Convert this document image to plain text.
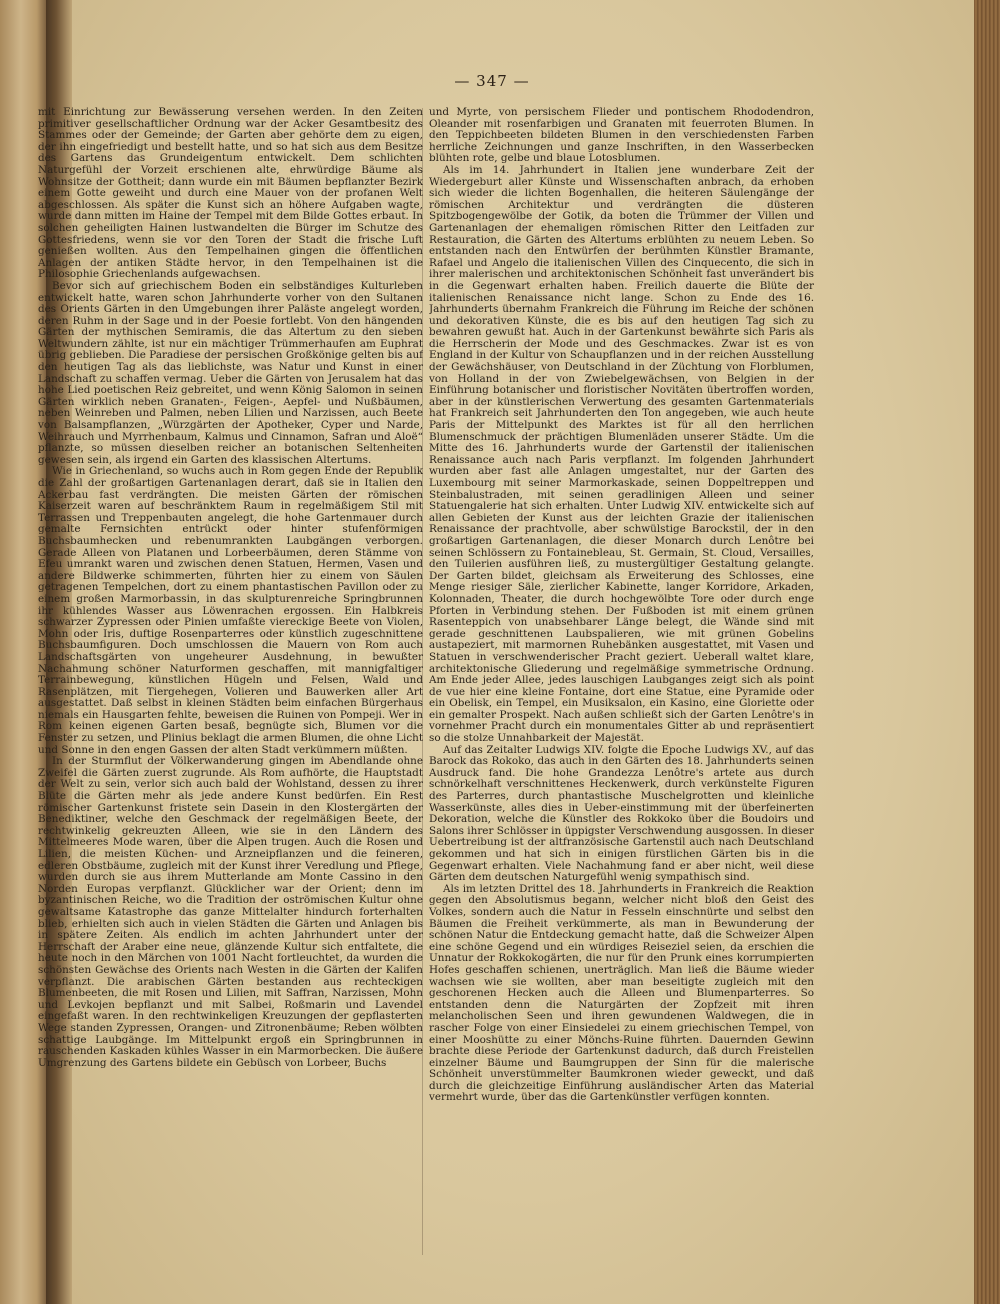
— 347 —

mit Einrichtung zur Bewässerung versehen werden. In den Zeiten primitiver gesellschaftlicher Ordnung war der Acker Gesamtbesitz des Stammes oder der Gemeinde; der Garten aber gehörte dem zu eigen, der ihn eingefriedigt und bestellt hatte, und so hat sich aus dem Besitze des Gartens das Grundeigentum entwickelt. Dem schlichten Naturgefühl der Vorzeit erschienen alte, ehrwürdige Bäume als Wohnsitze der Gottheit; dann wurde ein mit Bäumen bepflanzter Bezirk einem Gotte geweiht und durch eine Mauer von der profanen Welt abgeschlossen. Als später die Kunst sich an höhere Aufgaben wagte, wurde dann mitten im Haine der Tempel mit dem Bilde Gottes erbaut. In solchen geheiligten Hainen lustwandelten die Bürger im Schutze des Gottesfriedens, wenn sie vor den Toren der Stadt die frische Luft genießen wollten. Aus den Tempelhainen gingen die öffentlichen Anlagen der antiken Städte hervor, in den Tempelhainen ist die Philosophie Griechenlands aufgewachsen.

Bevor sich auf griechischem Boden ein selbständiges Kulturleben entwickelt hatte, waren schon Jahrhunderte vorher von den Sultanen des Orients Gärten in den Umgebungen ihrer Paläste angelegt worden, deren Ruhm in der Sage und in der Poesie fortlebt. Von den hängenden Gärten der mythischen Semiramis, die das Altertum zu den sieben Weltwundern zählte, ist nur ein mächtiger Trümmerhaufen am Euphrat übrig geblieben. Die Paradiese der persischen Großkönige gelten bis auf den heutigen Tag als das lieblichste, was Natur und Kunst in einer Landschaft zu schaffen vermag. Ueber die Gärten von Jerusalem hat das hohe Lied poetischen Reiz gebreitet, und wenn König Salomon in seinen Gärten wirklich neben Granaten-, Feigen-, Aepfel- und Nußbäumen, neben Weinreben und Palmen, neben Lilien und Narzissen, auch Beete von Balsampflanzen, „Würzgärten der Apotheker, Cyper und Narde, Weihrauch und Myrrhenbaum, Kalmus und Cinnamon, Safran und Aloë“ pflanzte, so müssen dieselben reicher an botanischen Seltenheiten gewesen sein, als irgend ein Garten des klassischen Altertums.

Wie in Griechenland, so wuchs auch in Rom gegen Ende der Republik die Zahl der großartigen Gartenanlagen derart, daß sie in Italien den Ackerbau fast verdrängten. Die meisten Gärten der römischen Kaiserzeit waren auf beschränktem Raum in regelmäßigem Stil mit Terrassen und Treppenbauten angelegt, die hohe Gartenmauer durch gemalte Fernsichten entrückt oder hinter stufenförmigen Buchsbaumhecken und rebenumrankten Laubgängen verborgen. Gerade Alleen von Platanen und Lorbeerbäumen, deren Stämme von Efeu umrankt waren und zwischen denen Statuen, Hermen, Vasen und andere Bildwerke schimmerten, führten hier zu einem von Säulen getragenen Tempelchen, dort zu einem phantastischen Pavillon oder zu einem großen Marmorbassin, in das skulpturenreiche Springbrunnen ihr kühlendes Wasser aus Löwenrachen ergossen. Ein Halbkreis schwarzer Zypressen oder Pinien umfaßte viereckige Beete von Violen, Mohn oder Iris, duftige Rosenparterres oder künstlich zugeschnittene Buchsbaumfiguren. Doch umschlossen die Mauern von Rom auch Landschaftsgärten von ungeheurer Ausdehnung, in bewußter Nachahmung schöner Naturformen geschaffen, mit mannigfaltiger Terrainbewegung, künstlichen Hügeln und Felsen, Wald und Rasenplätzen, mit Tiergehegen, Volieren und Bauwerken aller Art ausgestattet. Daß selbst in kleinen Städten beim einfachen Bürgerhaus niemals ein Hausgarten fehlte, beweisen die Ruinen von Pompeji. Wer in Rom keinen eigenen Garten besaß, begnügte sich, Blumen vor die Fenster zu setzen, und Plinius beklagt die armen Blumen, die ohne Licht und Sonne in den engen Gassen der alten Stadt verkümmern müßten.

In der Sturmflut der Völkerwanderung gingen im Abendlande ohne Zweifel die Gärten zuerst zugrunde. Als Rom aufhörte, die Hauptstadt der Welt zu sein, verlor sich auch bald der Wohlstand, dessen zu ihrer Blüte die Gärten mehr als jede andere Kunst bedürfen. Ein Rest römischer Gartenkunst fristete sein Dasein in den Klostergärten der Benediktiner, welche den Geschmack der regelmäßigen Beete, der rechtwinkelig gekreuzten Alleen, wie sie in den Ländern des Mittelmeeres Mode waren, über die Alpen trugen. Auch die Rosen und Lilien, die meisten Küchen- und Arzneipflanzen und die feineren, edleren Obstbäume, zugleich mit der Kunst ihrer Veredlung und Pflege, wurden durch sie aus ihrem Mutterlande am Monte Cassino in den Norden Europas verpflanzt. Glücklicher war der Orient; denn im byzantinischen Reiche, wo die Tradition der oströmischen Kultur ohne gewaltsame Katastrophe das ganze Mittelalter hindurch forterhalten blieb, erhielten sich auch in vielen Städten die Gärten und Anlagen bis in spätere Zeiten. Als endlich im achten Jahrhundert unter der Herrschaft der Araber eine neue, glänzende Kultur sich entfaltete, die heute noch in den Märchen von 1001 Nacht fortleuchtet, da wurden die schönsten Gewächse des Orients nach Westen in die Gärten der Kalifen verpflanzt. Die arabischen Gärten bestanden aus rechteckigen Blumenbeeten, die mit Rosen und Lilien, mit Saffran, Narzissen, Mohn und Levkojen bepflanzt und mit Salbei, Roßmarin und Lavendel eingefaßt waren. In den rechtwinkeligen Kreuzungen der gepflasterten Wege standen Zypressen, Orangen- und Zitronenbäume; Reben wölbten schattige Laubgänge. Im Mittelpunkt ergoß ein Springbrunnen in rauschenden Kaskaden kühles Wasser in ein Marmorbecken. Die äußere Umgrenzung des Gartens bildete ein Gebüsch von Lorbeer, Buchs

und Myrte, von persischem Flieder und pontischem Rhododendron, Oleander mit rosenfarbigen und Granaten mit feuerroten Blumen. In den Teppichbeeten bildeten Blumen in den verschiedensten Farben herrliche Zeichnungen und ganze Inschriften, in den Wasserbecken blühten rote, gelbe und blaue Lotosblumen.

Als im 14. Jahrhundert in Italien jene wunderbare Zeit der Wiedergeburt aller Künste und Wissenschaften anbrach, da erhoben sich wieder die lichten Bogenhallen, die heiteren Säulengänge der römischen Architektur und verdrängten die düsteren Spitzbogengewölbe der Gotik, da boten die Trümmer der Villen und Gartenanlagen der ehemaligen römischen Ritter den Leitfaden zur Restauration, die Gärten des Altertums erblühten zu neuem Leben. So entstanden nach den Entwürfen der berühmten Künstler Bramante, Rafael und Angelo die italienischen Villen des Cinquecento, die sich in ihrer malerischen und architektonischen Schönheit fast unverändert bis in die Gegenwart erhalten haben. Freilich dauerte die Blüte der italienischen Renaissance nicht lange. Schon zu Ende des 16. Jahrhunderts übernahm Frankreich die Führung im Reiche der schönen und dekorativen Künste, die es bis auf den heutigen Tag sich zu bewahren gewußt hat. Auch in der Gartenkunst bewährte sich Paris als die Herrscherin der Mode und des Geschmackes. Zwar ist es von England in der Kultur von Schaupflanzen und in der reichen Ausstellung der Gewächshäuser, von Deutschland in der Züchtung von Florblumen, von Holland in der von Zwiebelgewächsen, von Belgien in der Einführung botanischer und floristischer Novitäten übertroffen worden, aber in der künstlerischen Verwertung des gesamten Gartenmaterials hat Frankreich seit Jahrhunderten den Ton angegeben, wie auch heute Paris der Mittelpunkt des Marktes ist für all den herrlichen Blumenschmuck der prächtigen Blumenläden unserer Städte. Um die Mitte des 16. Jahrhunderts wurde der Gartenstil der italienischen Renaissance auch nach Paris verpflanzt. Im folgenden Jahrhundert wurden aber fast alle Anlagen umgestaltet, nur der Garten des Luxembourg mit seiner Marmorkaskade, seinen Doppeltreppen und Steinbalustraden, mit seinen geradlinigen Alleen und seiner Statuengalerie hat sich erhalten. Unter Ludwig XIV. entwickelte sich auf allen Gebieten der Kunst aus der leichten Grazie der italienischen Renaissance der prachtvolle, aber schwülstige Barockstil, der in den großartigen Gartenanlagen, die dieser Monarch durch Lenôtre bei seinen Schlössern zu Fontainebleau, St. Germain, St. Cloud, Versailles, den Tuilerien ausführen ließ, zu mustergültiger Gestaltung gelangte. Der Garten bildet, gleichsam als Erweiterung des Schlosses, eine Menge riesiger Säle, zierlicher Kabinette, langer Korridore, Arkaden, Kolonnaden, Theater, die durch hochgewölbte Tore oder durch enge Pforten in Verbindung stehen. Der Fußboden ist mit einem grünen Rasenteppich von unabsehbarer Länge belegt, die Wände sind mit gerade geschnittenen Laubspalieren, wie mit grünen Gobelins austapeziert, mit marmornen Ruhebänken ausgestattet, mit Vasen und Statuen in verschwenderischer Pracht geziert. Ueberall waltet klare, architektonische Gliederung und regelmäßige symmetrische Ordnung. Am Ende jeder Allee, jedes lauschigen Laubganges zeigt sich als point de vue hier eine kleine Fontaine, dort eine Statue, eine Pyramide oder ein Obelisk, ein Tempel, ein Musiksalon, ein Kasino, eine Gloriette oder ein gemalter Prospekt. Nach außen schließt sich der Garten Lenôtre's in vornehmer Pracht durch ein monumentales Gitter ab und repräsentiert so die stolze Unnahbarkeit der Majestät.

Auf das Zeitalter Ludwigs XIV. folgte die Epoche Ludwigs XV., auf das Barock das Rokoko, das auch in den Gärten des 18. Jahrhunderts seinen Ausdruck fand. Die hohe Grandezza Lenôtre's artete aus durch schnörkelhaft verschnittenes Heckenwerk, durch verkünstelte Figuren des Parterres, durch phantastische Muschelgrotten und kleinliche Wasserkünste, alles dies in Ueber-einstimmung mit der überfeinerten Dekoration, welche die Künstler des Rokkoko über die Boudoirs und Salons ihrer Schlösser in üppigster Verschwendung ausgossen. In dieser Uebertreibung ist der altfranzösische Gartenstil auch nach Deutschland gekommen und hat sich in einigen fürstlichen Gärten bis in die Gegenwart erhalten. Viele Nachahmung fand er aber nicht, weil diese Gärten dem deutschen Naturgefühl wenig sympathisch sind.

Als im letzten Drittel des 18. Jahrhunderts in Frankreich die Reaktion gegen den Absolutismus begann, welcher nicht bloß den Geist des Volkes, sondern auch die Natur in Fesseln einschnürte und selbst den Bäumen die Freiheit verkümmerte, als man in Bewunderung der schönen Natur die Entdeckung gemacht hatte, daß die Schweizer Alpen eine schöne Gegend und ein würdiges Reiseziel seien, da erschien die Unnatur der Rokkokogärten, die nur für den Prunk eines korrumpierten Hofes geschaffen schienen, unerträglich. Man ließ die Bäume wieder wachsen wie sie wollten, aber man beseitigte zugleich mit den geschorenen Hecken auch die Alleen und Blumenparterres. So entstanden denn die Naturgärten der Zopfzeit mit ihren melancholischen Seen und ihren gewundenen Waldwegen, die in rascher Folge von einer Einsiedelei zu einem griechischen Tempel, von einer Mooshütte zu einer Mönchs-Ruine führten. Dauernden Gewinn brachte diese Periode der Gartenkunst dadurch, daß durch Freistellen einzelner Bäume und Baumgruppen der Sinn für die malerische Schönheit unverstümmelter Baumkronen wieder geweckt, und daß durch die gleichzeitige Einführung ausländischer Arten das Material vermehrt wurde, über das die Gartenkünstler verfügen konnten.
